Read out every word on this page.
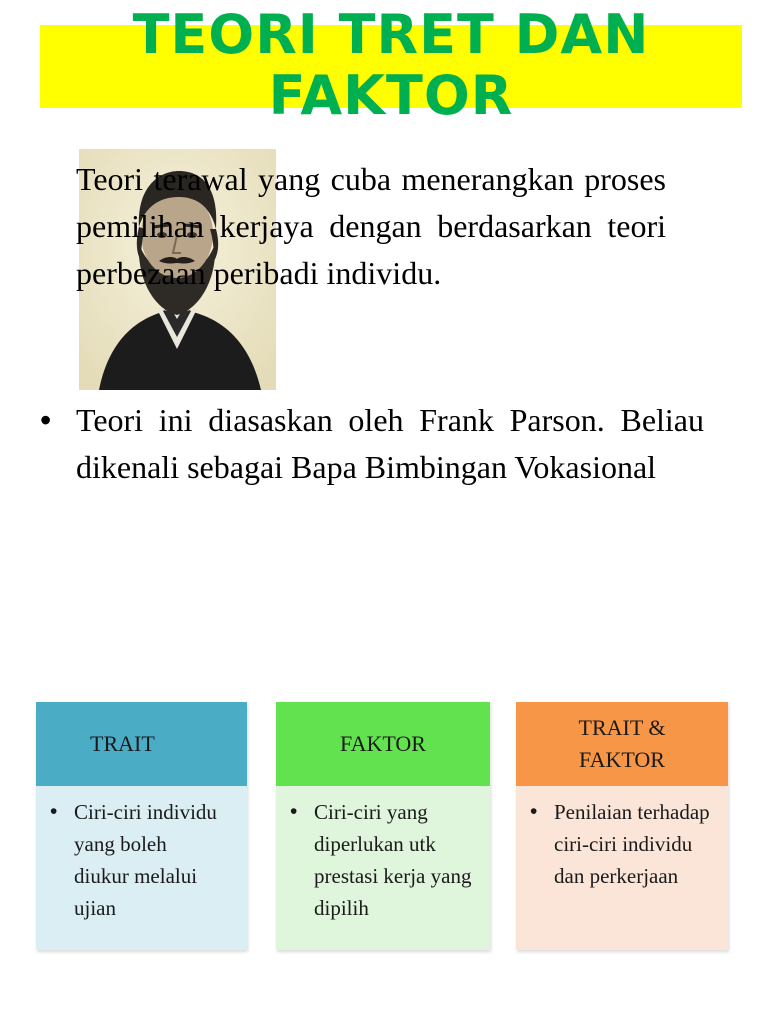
TEORI TRET DAN
FAKTOR

Teori terawal yang cuba menerangkan proses pemilihan kerjaya dengan berdasarkan teori perbezaan peribadi individu.

• Teori ini diasaskan oleh Frank Parson. Beliau dikenali sebagai Bapa Bimbingan Vokasional

TRAIT
• Ciri-ciri individu yang boleh diukur melalui ujian
FAKTOR
• Ciri-ciri yang diperlukan utk prestasi kerja yang dipilih
TRAIT & FAKTOR
• Penilaian terhadap ciri-ciri individu dan perkerjaan
